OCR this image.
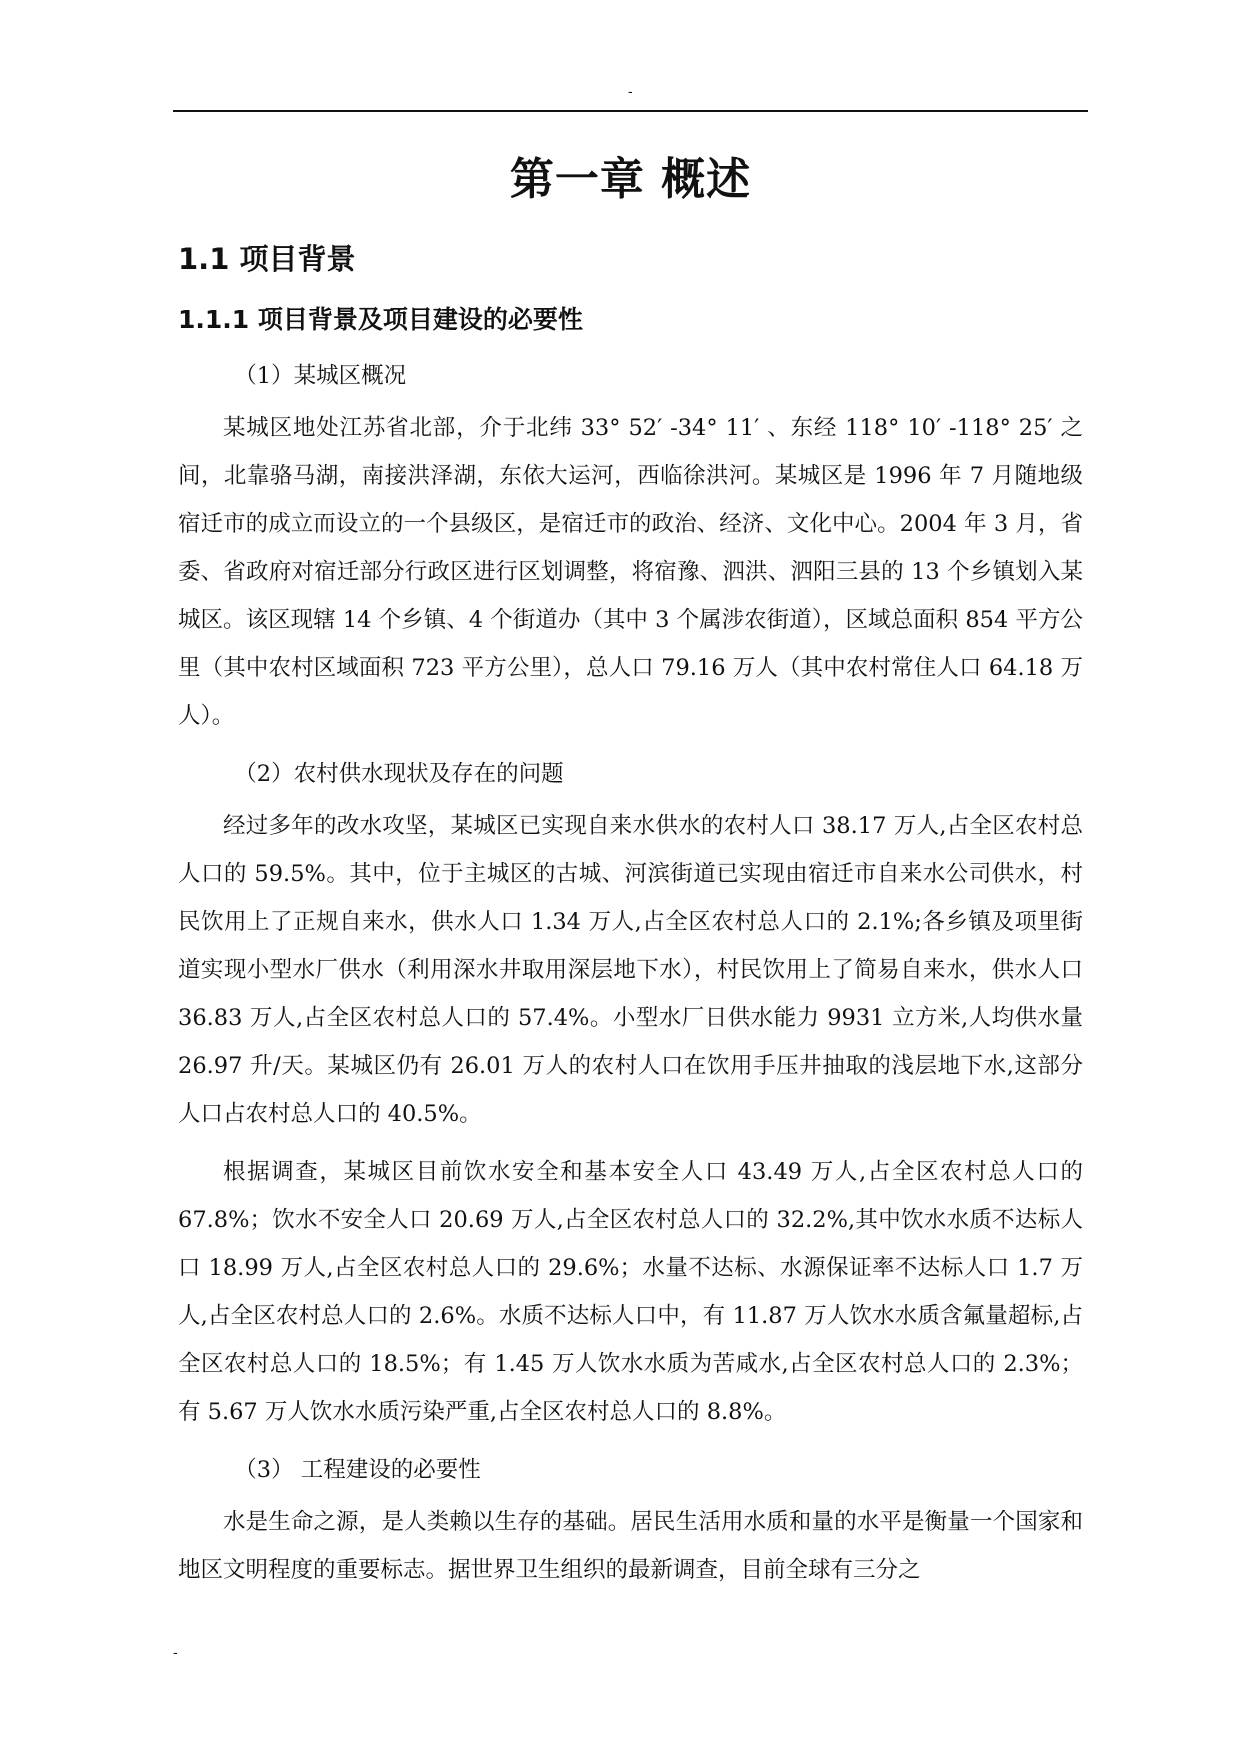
-
第一章 概述
1.1 项目背景
1.1.1 项目背景及项目建设的必要性

（1）某城区概况

某城区地处江苏省北部，介于北纬 33° 52′ -34° 11′ 、东经 118° 10′ -118° 25′ 之间，北靠骆马湖，南接洪泽湖，东依大运河，西临徐洪河。某城区是 1996 年 7 月随地级宿迁市的成立而设立的一个县级区，是宿迁市的政治、经济、文化中心。2004 年 3 月，省委、省政府对宿迁部分行政区进行区划调整，将宿豫、泗洪、泗阳三县的 13 个乡镇划入某城区。该区现辖 14 个乡镇、4 个街道办（其中 3 个属涉农街道），区域总面积 854 平方公里（其中农村区域面积 723 平方公里），总人口 79.16 万人（其中农村常住人口 64.18 万人）。

（2）农村供水现状及存在的问题

经过多年的改水攻坚，某城区已实现自来水供水的农村人口 38.17 万人,占全区农村总人口的 59.5%。其中，位于主城区的古城、河滨街道已实现由宿迁市自来水公司供水，村民饮用上了正规自来水，供水人口 1.34 万人,占全区农村总人口的 2.1%;各乡镇及项里街道实现小型水厂供水（利用深水井取用深层地下水），村民饮用上了简易自来水，供水人口 36.83 万人,占全区农村总人口的 57.4%。小型水厂日供水能力 9931 立方米,人均供水量 26.97 升/天。某城区仍有 26.01 万人的农村人口在饮用手压井抽取的浅层地下水,这部分人口占农村总人口的 40.5%。

根据调查，某城区目前饮水安全和基本安全人口 43.49 万人,占全区农村总人口的 67.8%；饮水不安全人口 20.69 万人,占全区农村总人口的 32.2%,其中饮水水质不达标人口 18.99 万人,占全区农村总人口的 29.6%；水量不达标、水源保证率不达标人口 1.7 万人,占全区农村总人口的 2.6%。水质不达标人口中，有 11.87 万人饮水水质含氟量超标,占全区农村总人口的 18.5%；有 1.45 万人饮水水质为苦咸水,占全区农村总人口的 2.3%；有 5.67 万人饮水水质污染严重,占全区农村总人口的 8.8%。

（3） 工程建设的必要性

水是生命之源，是人类赖以生存的基础。居民生活用水质和量的水平是衡量一个国家和地区文明程度的重要标志。据世界卫生组织的最新调查，目前全球有三分之

-
